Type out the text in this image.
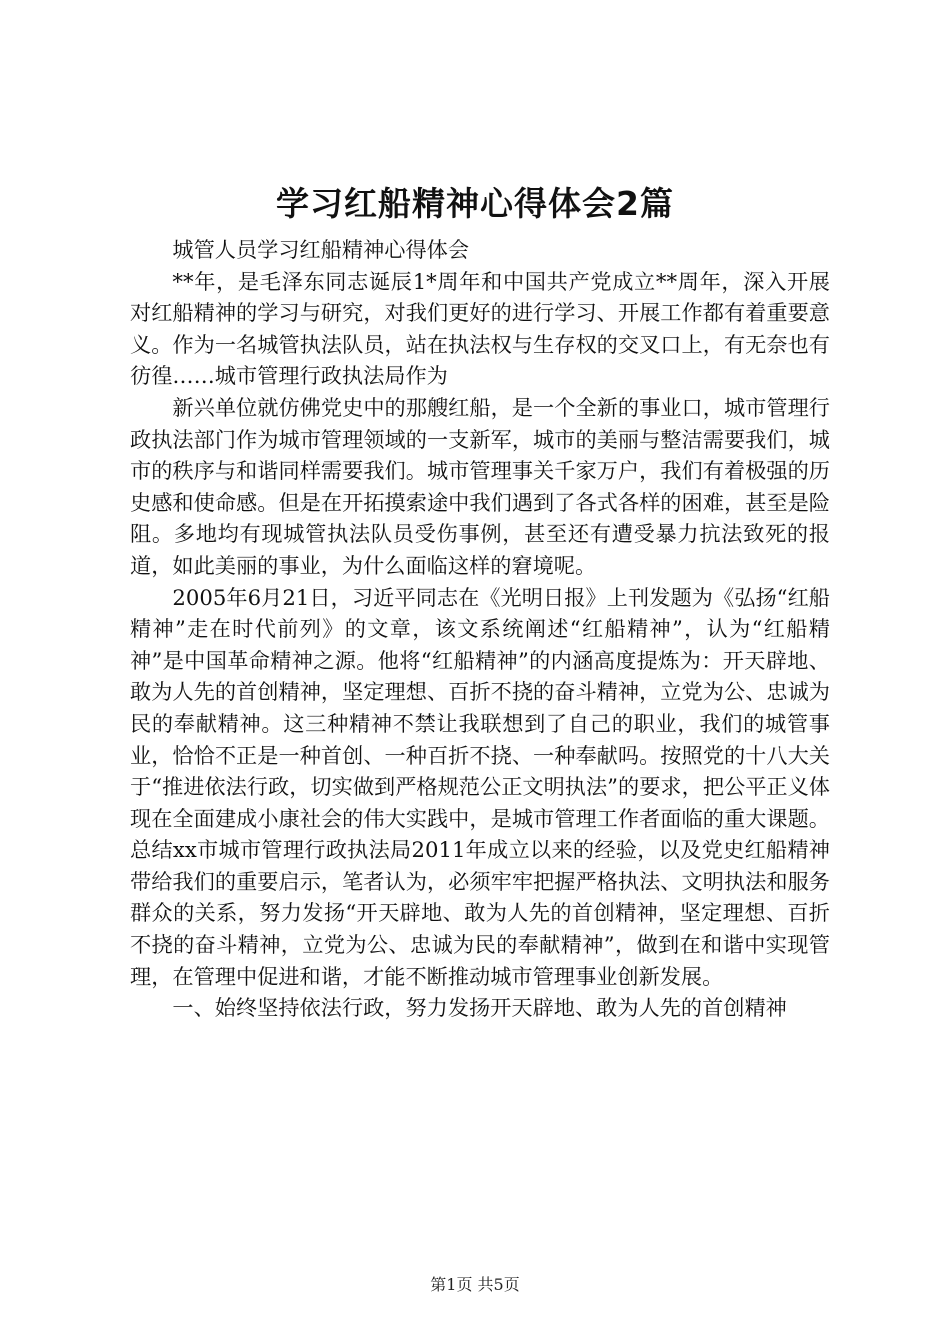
学习红船精神心得体会2篇

城管人员学习红船精神心得体会

**年，是毛泽东同志诞辰1*周年和中国共产党成立**周年，深入开展对红船精神的学习与研究，对我们更好的进行学习、开展工作都有着重要意义。作为一名城管执法队员，站在执法权与生存权的交叉口上，有无奈也有彷徨……城市管理行政执法局作为

新兴单位就仿佛党史中的那艘红船，是一个全新的事业口，城市管理行政执法部门作为城市管理领域的一支新军，城市的美丽与整洁需要我们，城市的秩序与和谐同样需要我们。城市管理事关千家万户，我们有着极强的历史感和使命感。但是在开拓摸索途中我们遇到了各式各样的困难，甚至是险阻。多地均有现城管执法队员受伤事例，甚至还有遭受暴力抗法致死的报道，如此美丽的事业，为什么面临这样的窘境呢。

2005年6月21日，习近平同志在《光明日报》上刊发题为《弘扬“红船精神”走在时代前列》的文章，该文系统阐述“红船精神”，认为“红船精神”是中国革命精神之源。他将“红船精神”的内涵高度提炼为：开天辟地、敢为人先的首创精神，坚定理想、百折不挠的奋斗精神，立党为公、忠诚为民的奉献精神。这三种精神不禁让我联想到了自己的职业，我们的城管事业，恰恰不正是一种首创、一种百折不挠、一种奉献吗。按照党的十八大关于“推进依法行政，切实做到严格规范公正文明执法”的要求，把公平正义体现在全面建成小康社会的伟大实践中，是城市管理工作者面临的重大课题。总结xx市城市管理行政执法局2011年成立以来的经验，以及党史红船精神带给我们的重要启示，笔者认为，必须牢牢把握严格执法、文明执法和服务群众的关系，努力发扬“开天辟地、敢为人先的首创精神，坚定理想、百折不挠的奋斗精神，立党为公、忠诚为民的奉献精神”，做到在和谐中实现管理，在管理中促进和谐，才能不断推动城市管理事业创新发展。

一、始终坚持依法行政，努力发扬开天辟地、敢为人先的首创精神

第1页 共5页
